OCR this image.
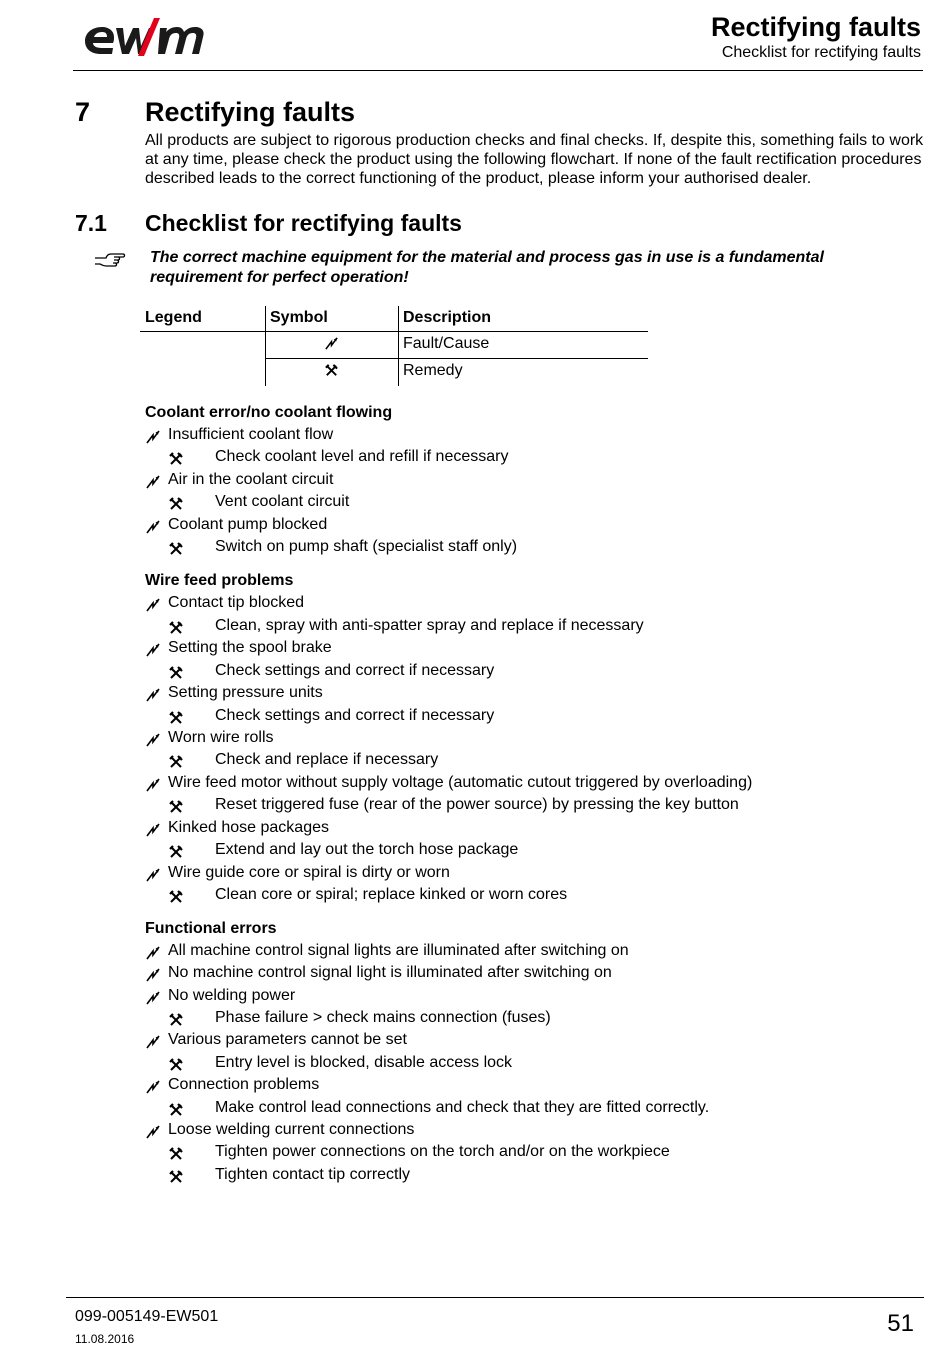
Rectifying faults
Checklist for rectifying faults
7 Rectifying faults
All products are subject to rigorous production checks and final checks. If, despite this, something fails to work at any time, please check the product using the following flowchart. If none of the fault rectification procedures described leads to the correct functioning of the product, please inform your authorised dealer.
7.1 Checklist for rectifying faults
The correct machine equipment for the material and process gas in use is a fundamental requirement for perfect operation!
Legend	Symbol	Description
Fault/Cause
Remedy
Coolant error/no coolant flowing
Insufficient coolant flow
Check coolant level and refill if necessary
Air in the coolant circuit
Vent coolant circuit
Coolant pump blocked
Switch on pump shaft (specialist staff only)
Wire feed problems
Contact tip blocked
Clean, spray with anti-spatter spray and replace if necessary
Setting the spool brake
Check settings and correct if necessary
Setting pressure units
Check settings and correct if necessary
Worn wire rolls
Check and replace if necessary
Wire feed motor without supply voltage (automatic cutout triggered by overloading)
Reset triggered fuse (rear of the power source) by pressing the key button
Kinked hose packages
Extend and lay out the torch hose package
Wire guide core or spiral is dirty or worn
Clean core or spiral; replace kinked or worn cores
Functional errors
All machine control signal lights are illuminated after switching on
No machine control signal light is illuminated after switching on
No welding power
Phase failure > check mains connection (fuses)
Various parameters cannot be set
Entry level is blocked, disable access lock
Connection problems
Make control lead connections and check that they are fitted correctly.
Loose welding current connections
Tighten power connections on the torch and/or on the workpiece
Tighten contact tip correctly
099-005149-EW501
11.08.2016
51
